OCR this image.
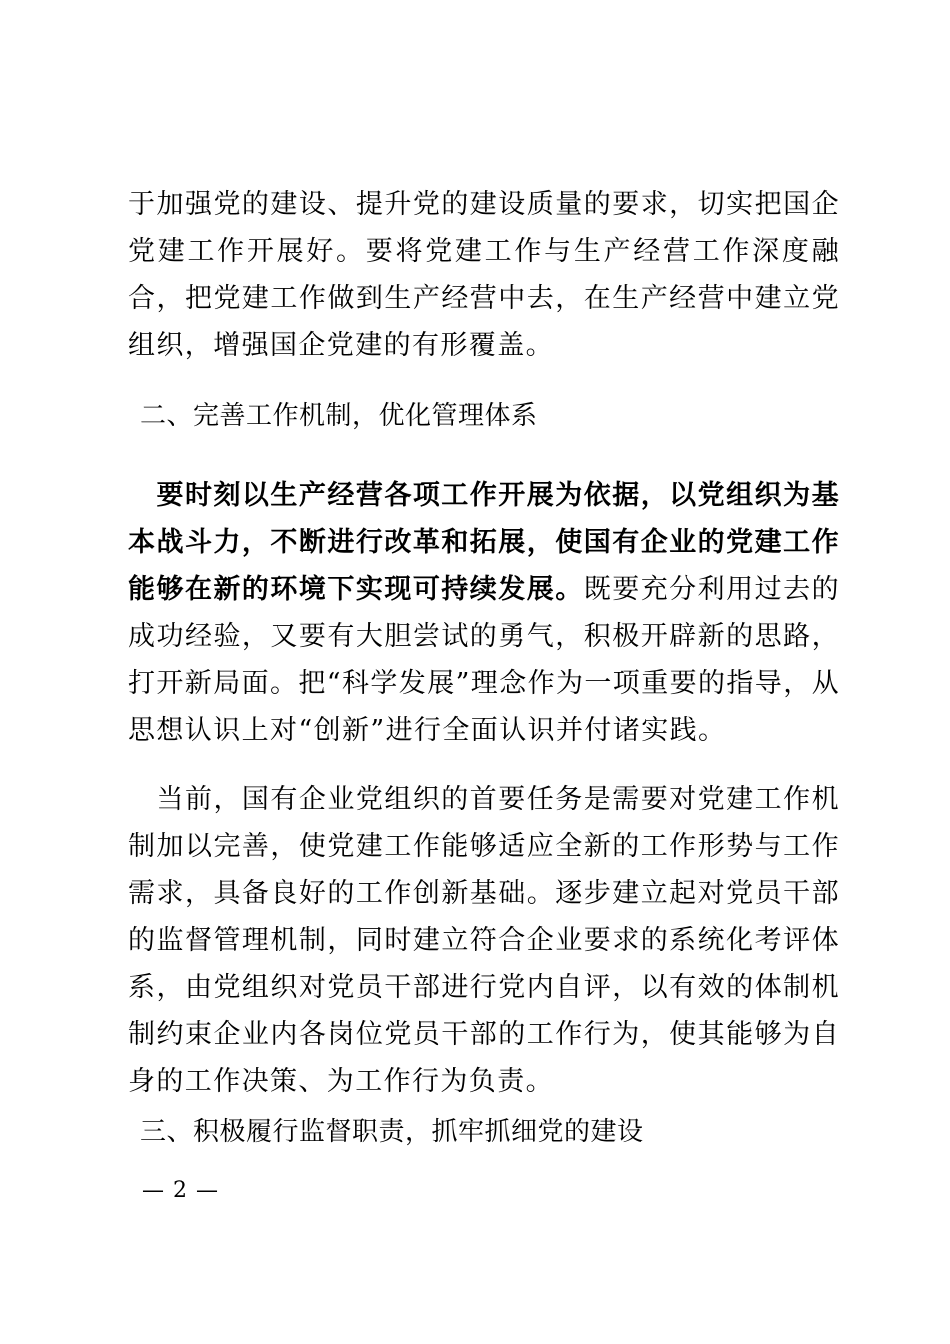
于加强党的建设、提升党的建设质量的要求，切实把国企党建工作开展好。要将党建工作与生产经营工作深度融合，把党建工作做到生产经营中去，在生产经营中建立党组织，增强国企党建的有形覆盖。

二、完善工作机制，优化管理体系

　要时刻以生产经营各项工作开展为依据，以党组织为基本战斗力，不断进行改革和拓展，使国有企业的党建工作能够在新的环境下实现可持续发展。既要充分利用过去的成功经验，又要有大胆尝试的勇气，积极开辟新的思路，打开新局面。把“科学发展”理念作为一项重要的指导，从思想认识上对“创新”进行全面认识并付诸实践。

　当前，国有企业党组织的首要任务是需要对党建工作机制加以完善，使党建工作能够适应全新的工作形势与工作需求，具备良好的工作创新基础。逐步建立起对党员干部的监督管理机制，同时建立符合企业要求的系统化考评体系，由党组织对党员干部进行党内自评，以有效的体制机制约束企业内各岗位党员干部的工作行为，使其能够为自身的工作决策、为工作行为负责。

三、积极履行监督职责，抓牢抓细党的建设
— 2 —
